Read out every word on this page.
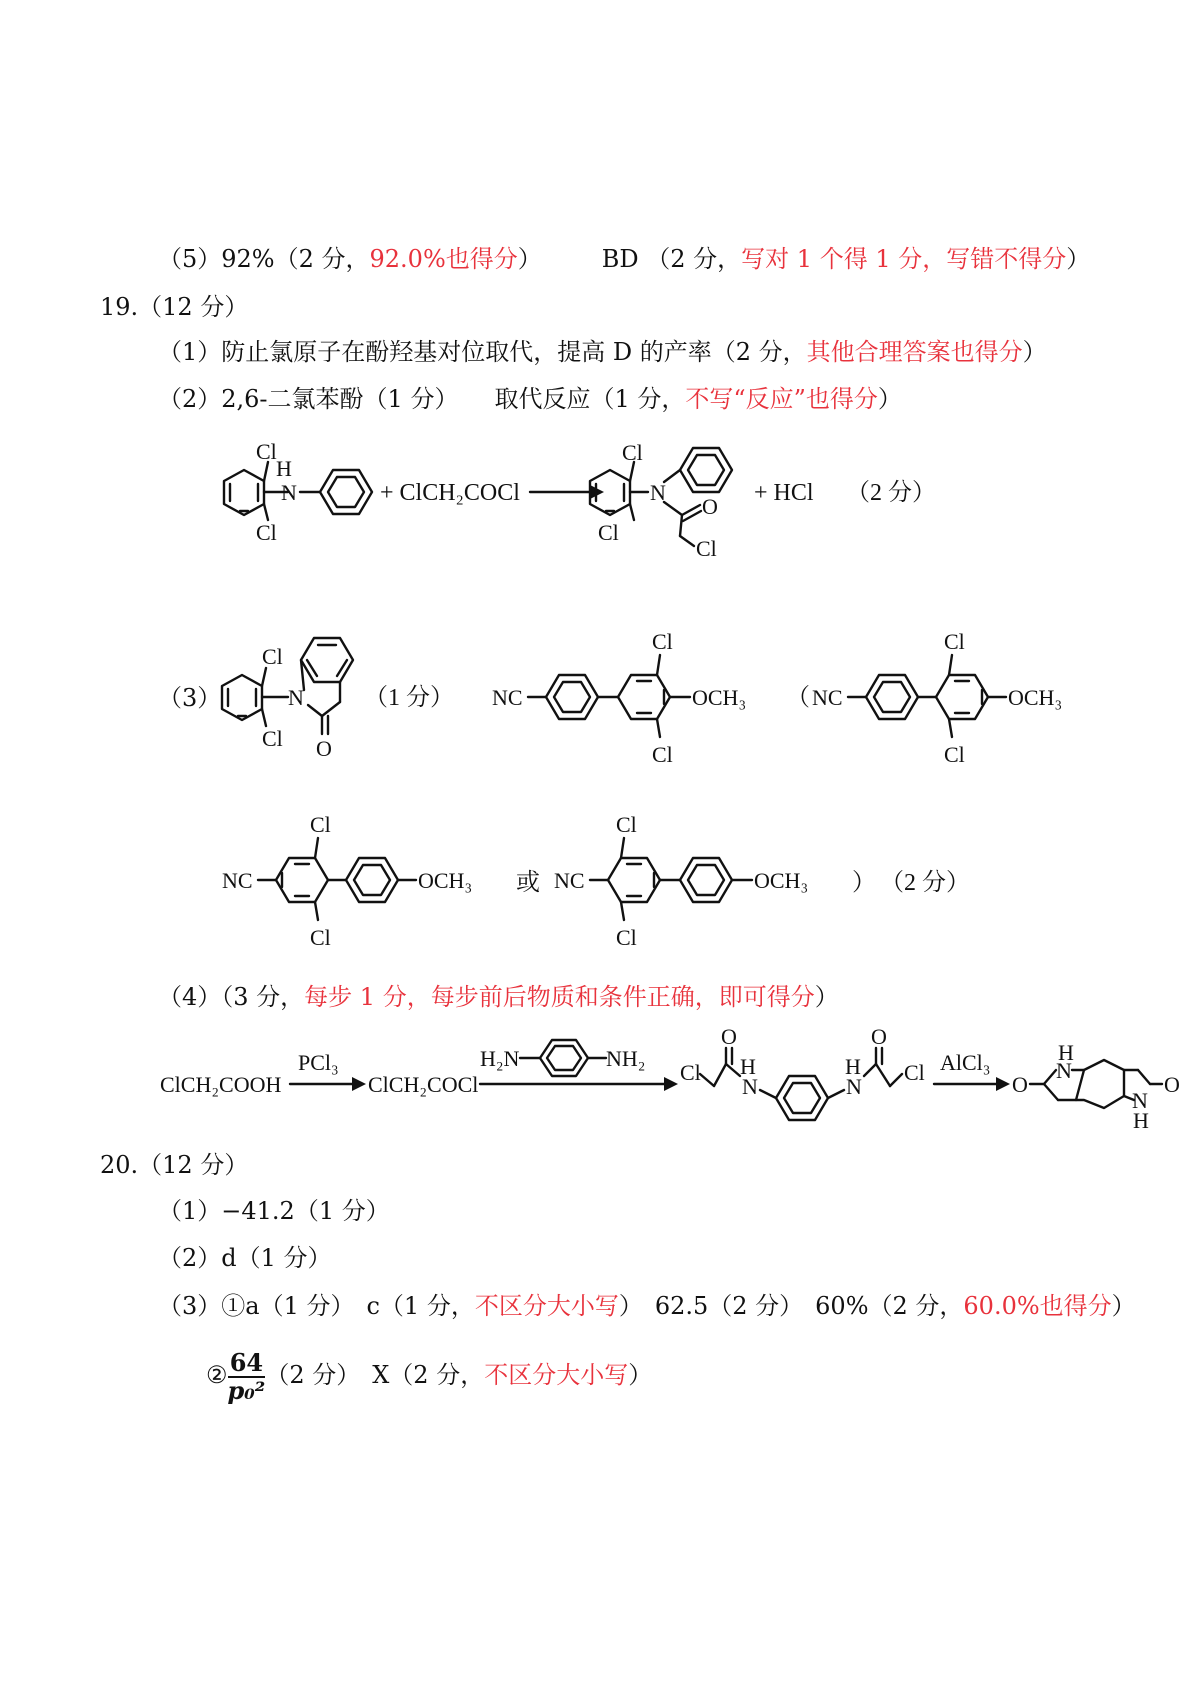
（5）92%（2 分，92.0%也得分）	BD （2 分，写对 1 个得 1 分，写错不得分）
19.（12 分）
（1）防止氯原子在酚羟基对位取代，提高 D 的产率（2 分，其他合理答案也得分）
（2）2,6-二氯苯酚（1 分）　　取代反应（1 分，不写“反应”也得分）
Cl
H
N
Cl
+ ClCH₂COCl
Cl
N
Cl
O
Cl
+ HCl （2 分）
（3）
Cl
N
Cl O
（1 分） NC
Cl
OCH₃
Cl
（ NC
Cl
OCH₃
Cl
NC
Cl
OCH₃
Cl
或 NC
Cl
OCH₃
Cl
） （2 分）
（4）（3 分，每步 1 分，每步前后物质和条件正确，即可得分）
ClCH₂COOH
PCl₃
ClCH₂COCl
H₂N	NH₂
Cl
O
H
N
H
N
O
Cl AlCl₃
O
H
N
N
H
O
20.（12 分）
（1）−41.2（1 分）
（2）d（1 分）
（3）①a（1 分）　c（1 分，不区分大小写）　62.5（2 分）　60%（2 分，60.0%也得分）
② $\frac{64}{\text{p₀²}} (2$ 分）　X（2 分，不区分大小写）
